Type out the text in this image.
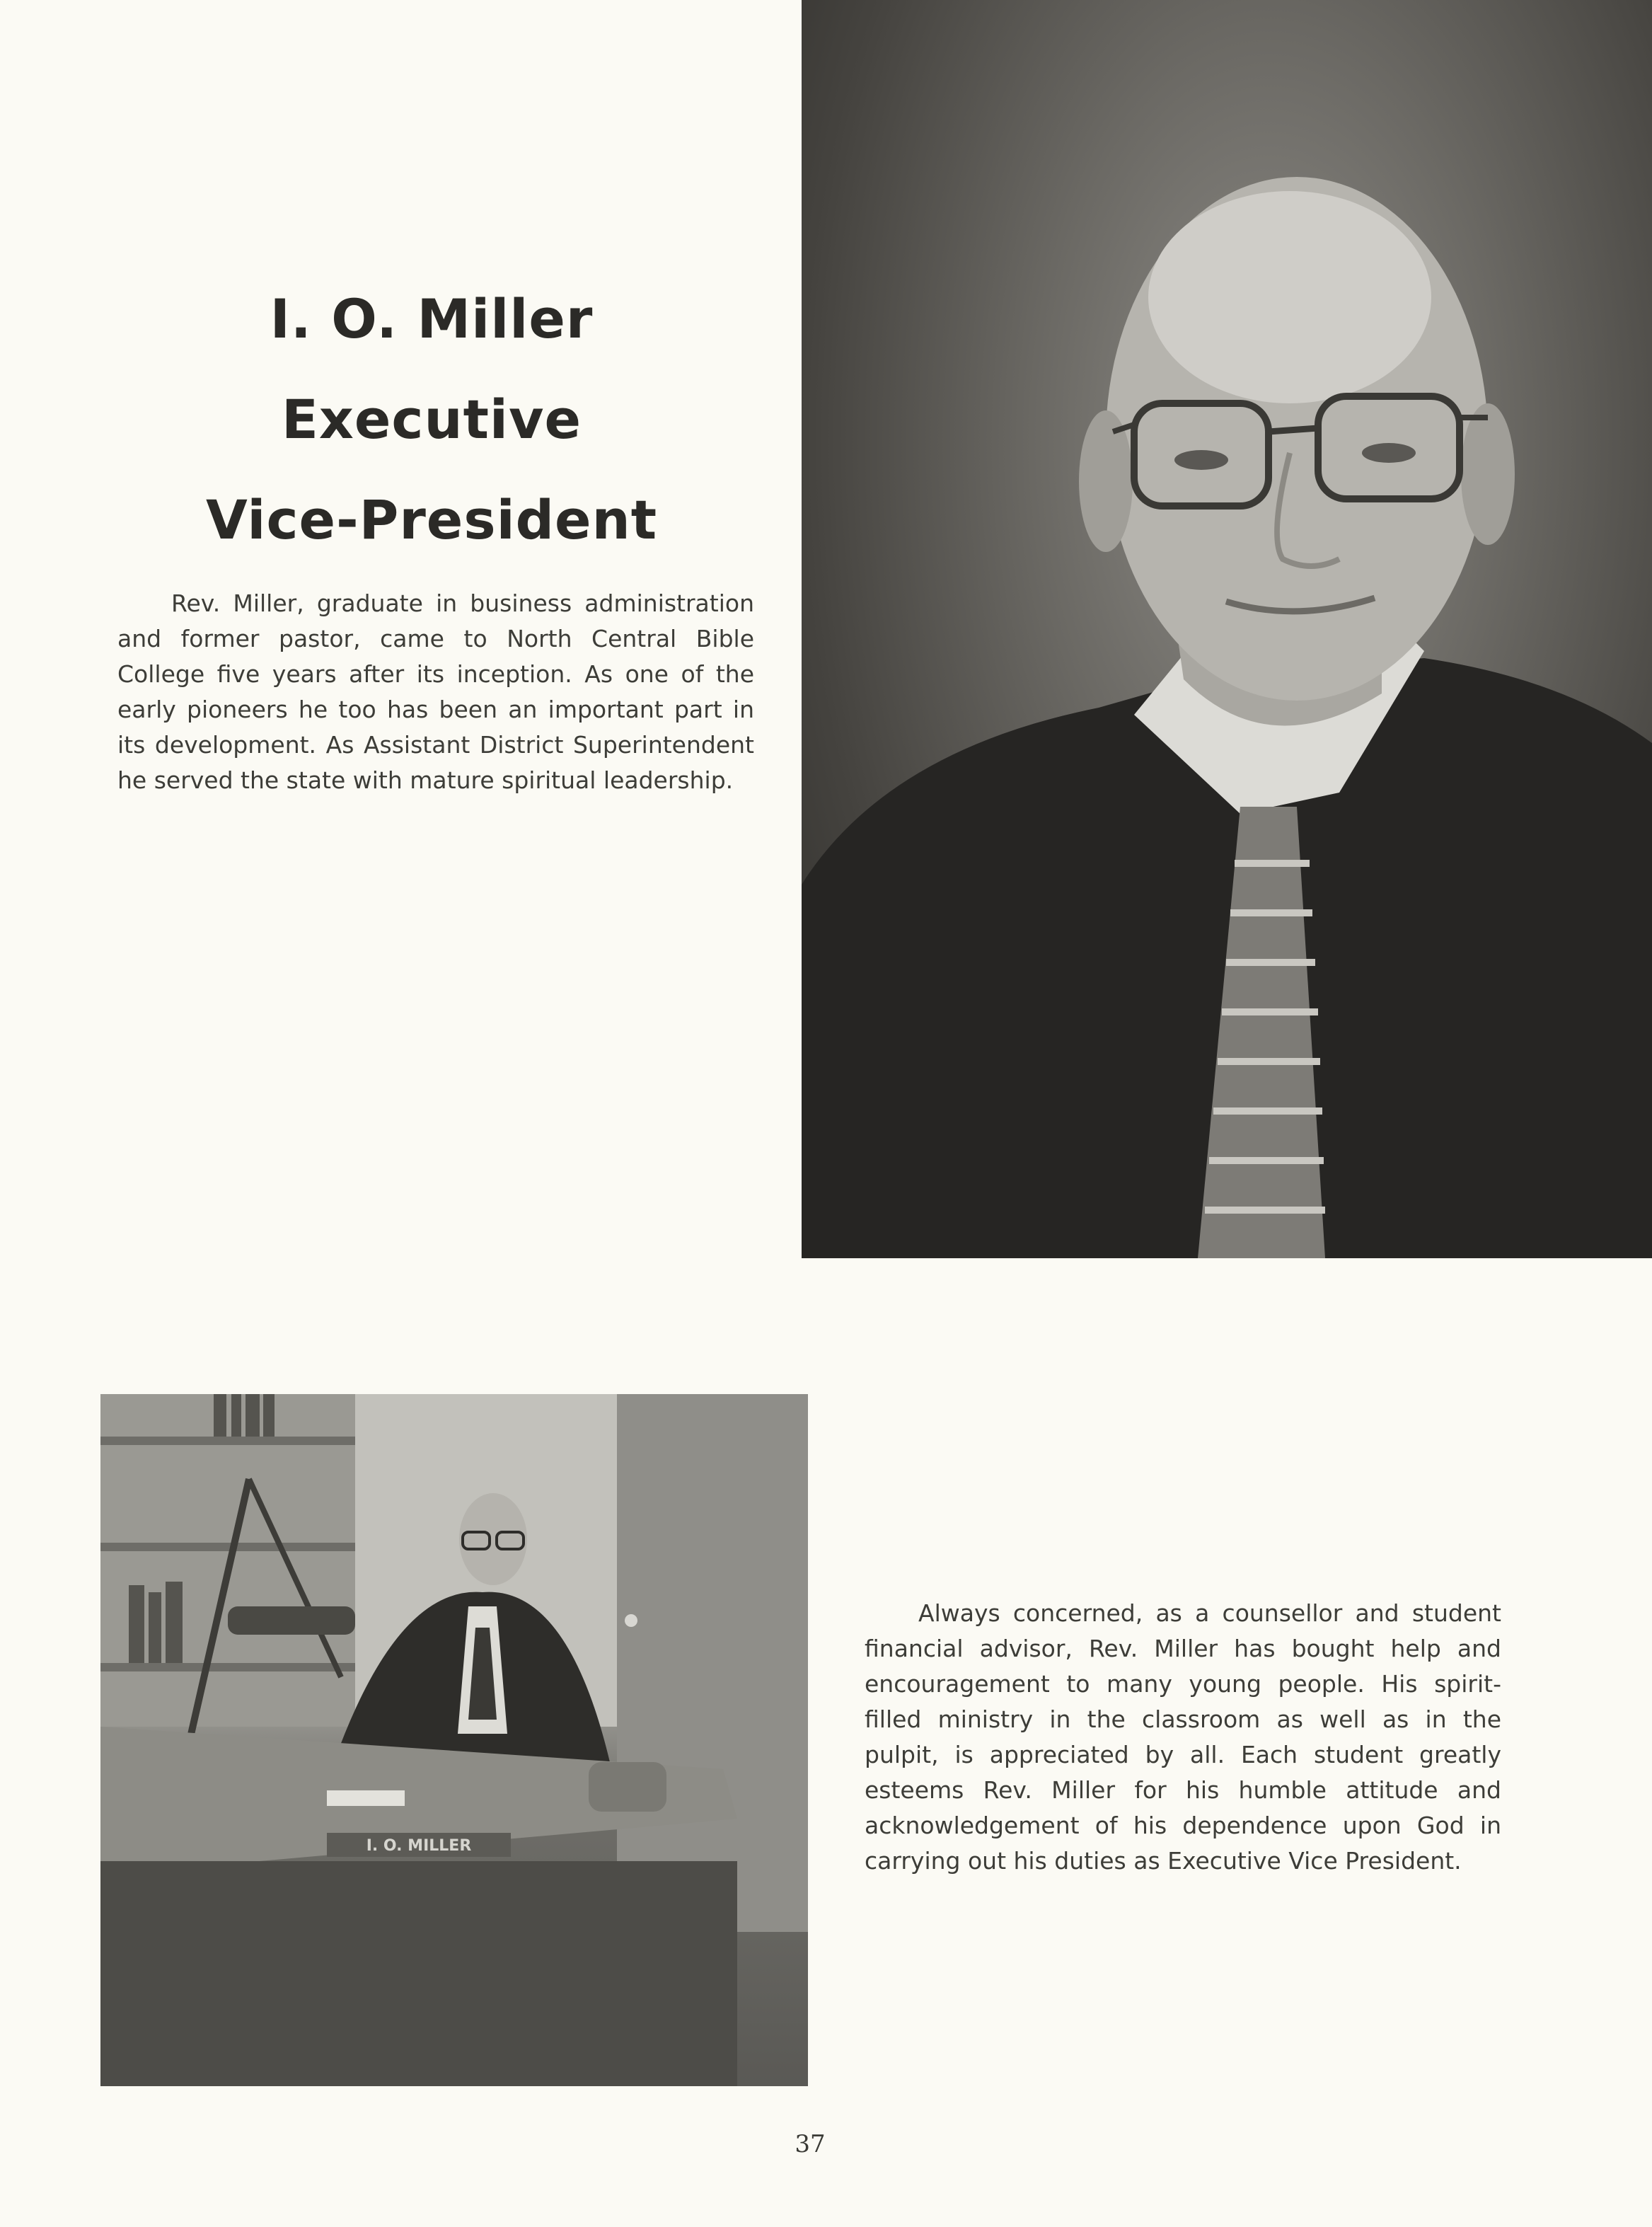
I. O. Miller
Executive
Vice-President

Rev. Miller, graduate in business administration and former pastor, came to North Central Bible College five years after its inception. As one of the early pioneers he too has been an important part in its development. As Assistant District Superintendent he served the state with mature spiritual leadership.

I. O. MILLER

Always concerned, as a counsellor and student financial advisor, Rev. Miller has bought help and encouragement to many young people. His spirit-filled ministry in the classroom as well as in the pulpit, is appreciated by all. Each student greatly esteems Rev. Miller for his humble attitude and acknowledgement of his dependence upon God in carrying out his duties as Executive Vice President.

37
